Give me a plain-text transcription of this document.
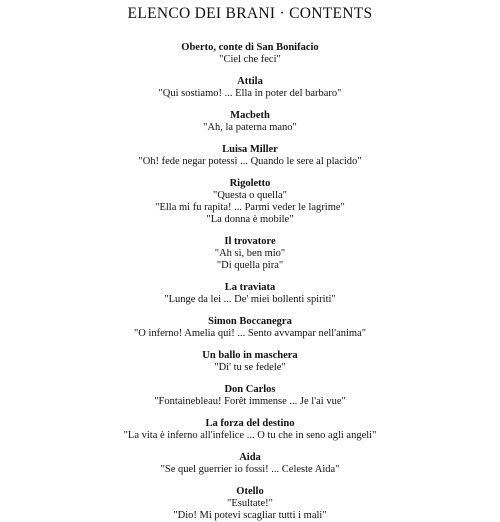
ELENCO DEI BRANI · CONTENTS
Oberto, conte di San Bonifacio
"Ciel che feci"
Attila
"Qui sostiamo! ... Ella in poter del barbaro"
Macbeth
"Ah, la paterna mano"
Luisa Miller
"Oh! fede negar potessi ... Quando le sere al placido"
Rigoletto
"Questa o quella"
"Ella mi fu rapita! ... Parmi veder le lagrime"
"La donna è mobile"
Il trovatore
"Ah sì, ben mio"
"Di quella pira"
La traviata
"Lunge da lei ... De' miei bollenti spiriti"
Simon Boccanegra
"O inferno! Amelia qui! ... Sento avvampar nell'anima"
Un ballo in maschera
"Di' tu se fedele"
Don Carlos
"Fontainebleau! Forêt immense ... Je l'ai vue"
La forza del destino
"La vita è inferno all'infelice ... O tu che in seno agli angeli"
Aida
"Se quel guerrier io fossi! ... Celeste Aida"
Otello
"Esultate!"
"Dio! Mi potevi scagliar tutti i mali"
